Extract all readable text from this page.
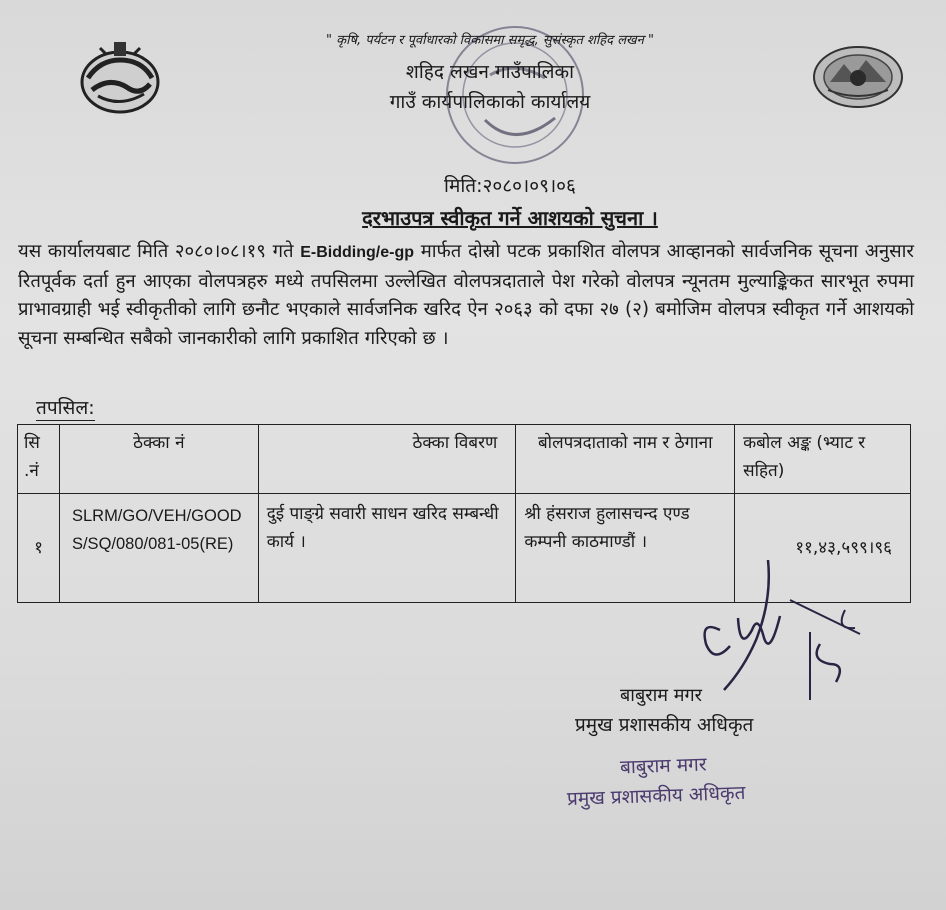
" कृषि, पर्यटन र पूर्वाधारको विकासमा समृद्ध, सुसंस्कृत शहिद लखन "
शहिद लखन गाउँपालिका
गाउँ कार्यपालिकाको कार्यालय
मिति:२०८०।०९।०६
दरभाउपत्र स्वीकृत गर्ने आशयको सुचना ।
यस कार्यालयबाट मिति २०८०।०८।१९ गते E-Bidding/e-gp मार्फत दोस्रो पटक प्रकाशित वोलपत्र आव्हानको सार्वजनिक सूचना अनुसार रितपूर्वक दर्ता हुन आएका वोलपत्रहरु मध्ये तपसिलमा उल्लेखित वोलपत्रदाताले पेश गरेको वोलपत्र न्यूनतम मुल्याङ्किकत सारभूत रुपमा प्राभावग्राही भई स्वीकृतीको लागि छनौट भएकाले सार्वजनिक खरिद ऐन २०६३ को दफा २७ (२) बमोजिम वोलपत्र स्वीकृत गर्ने आशयको सूचना सम्बन्धित सबैको जानकारीको लागि प्रकाशित गरिएको छ ।
तपसिल:
सि .नं	ठेक्का नं	ठेक्का विबरण	बोलपत्रदाताको नाम र ठेगाना	कबोल अङ्क (भ्याट र सहित)
१	SLRM/GO/VEH/GOODS/SQ/080/081-05(RE)	दुई पाङ्ग्रे सवारी साधन खरिद सम्बन्धी कार्य ।	श्री हंसराज हुलासचन्द एण्ड कम्पनी काठमाण्डौं ।	११,४३,५९९।९६
बाबुराम मगर
प्रमुख प्रशासकीय अधिकृत
बाबुराम मगर
प्रमुख प्रशासकीय अधिकृत
